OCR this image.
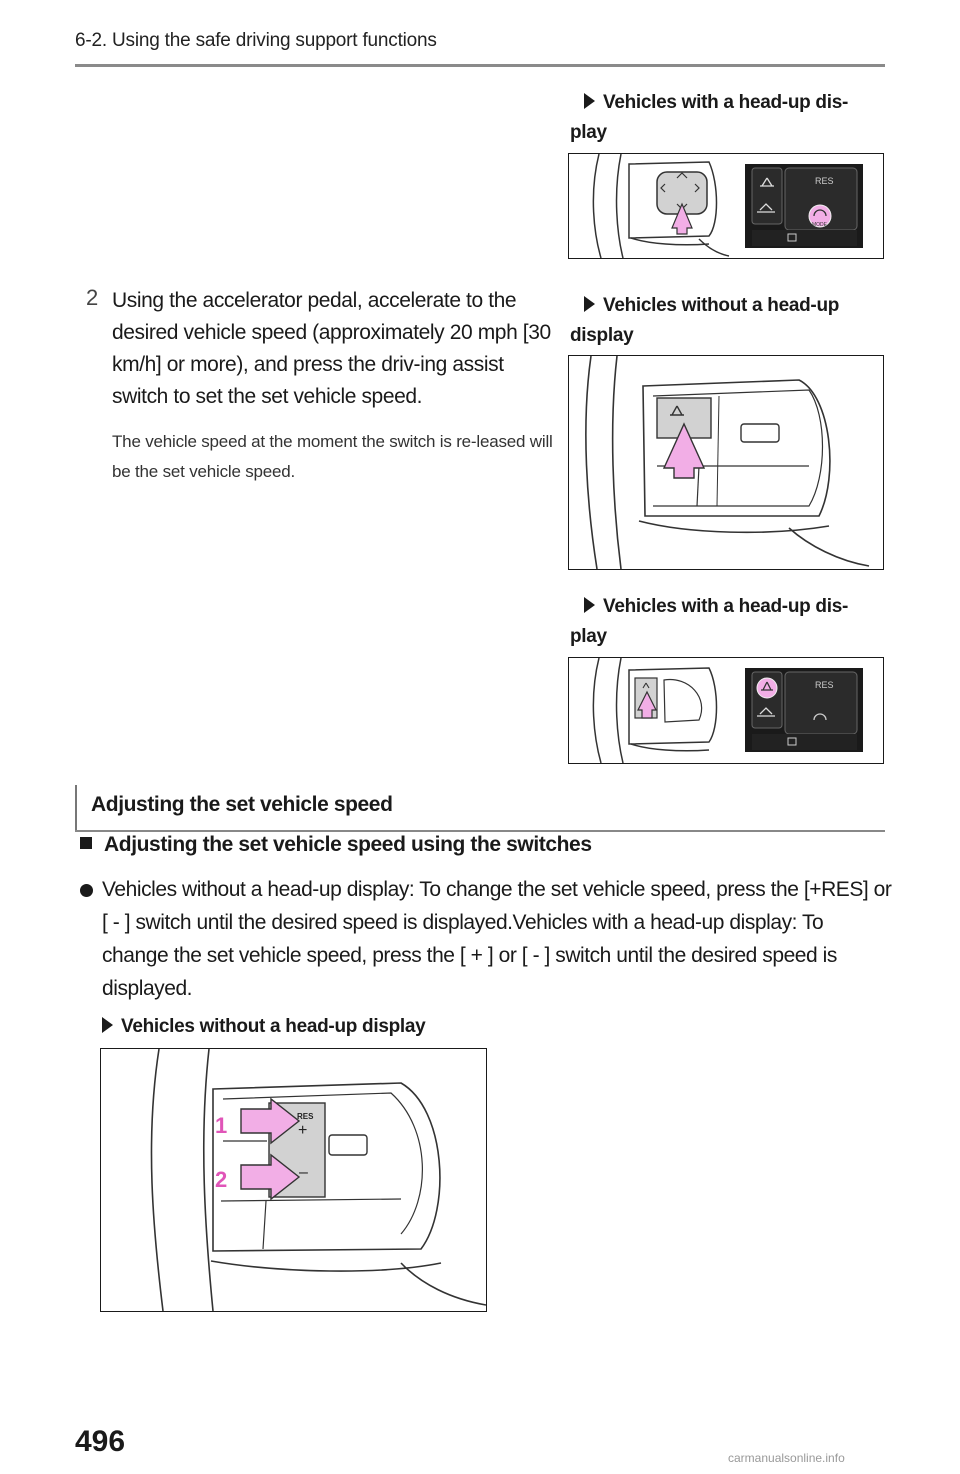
6-2. Using the safe driving support functions
Vehicles with a head-up dis-
play
RES
MODE
2 Using the accelerator pedal, accelerate to the desired vehicle speed (approximately 20 mph [30 km/h] or more), and press the driv-ing assist switch to set the set vehicle speed.
The vehicle speed at the moment the switch is re-leased will be the set vehicle speed.
Vehicles without a head-up display
Vehicles with a head-up dis-play
RES
Adjusting the set vehicle speed
Adjusting the set vehicle speed using the switches
Vehicles without a head-up display: To change the set vehicle speed, press the [+RES] or [ - ] switch until the desired speed is displayed.Vehicles with a head-up display: To change the set vehicle speed, press the [ + ] or [ - ] switch until the desired speed is displayed.
Vehicles without a head-up display
RES
+
–
1
2
496	carmanualsonline.info
